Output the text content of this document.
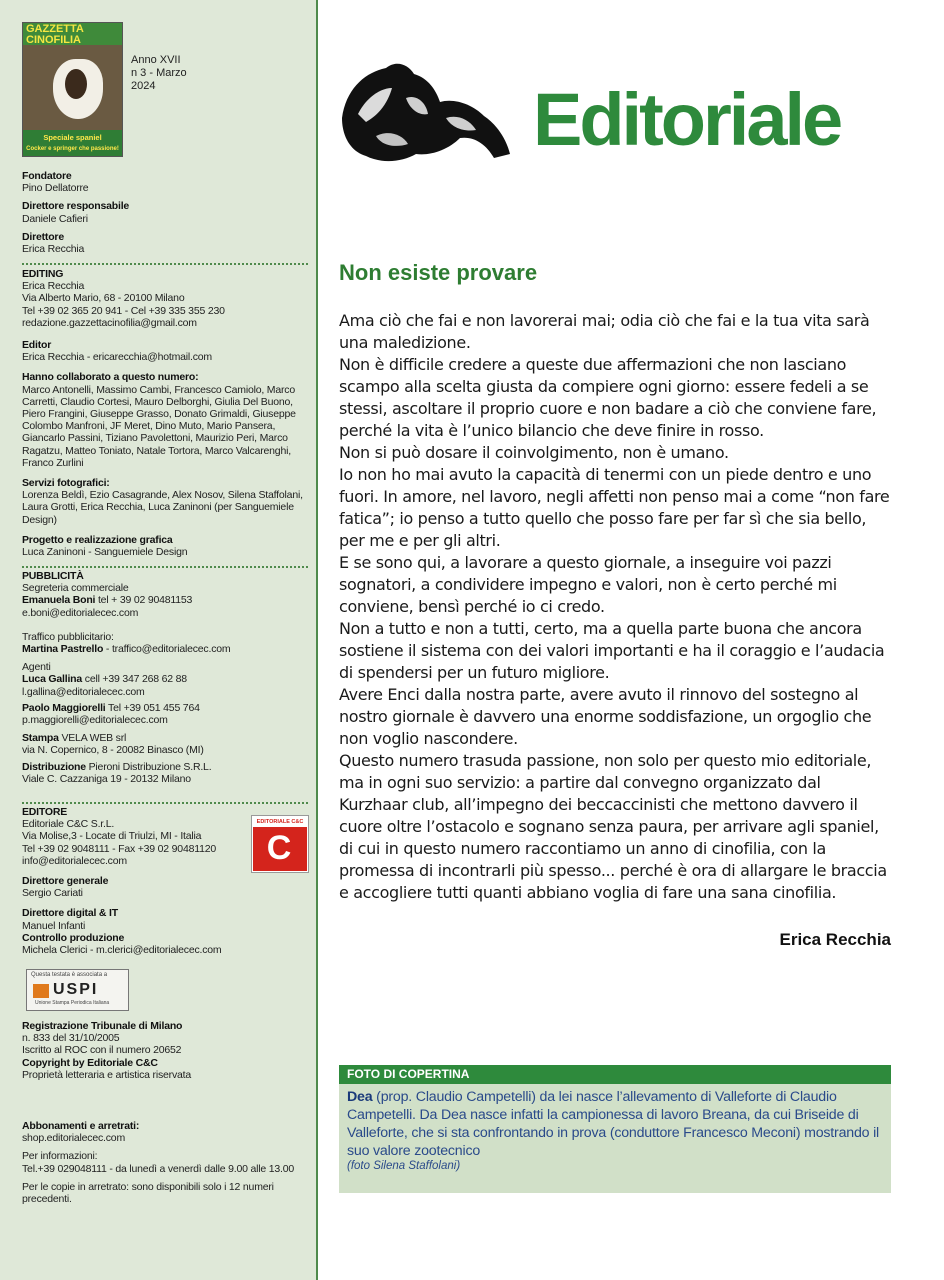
GAZZETTA
CINOFILIA
Speciale spaniel
Cocker e springer che passione!
Anno XVII
n 3 - Marzo
2024
Fondatore
Pino Dellatorre
Direttore responsabile
Daniele Cafieri
Direttore
Erica Recchia
EDITING
Erica Recchia
Via Alberto Mario, 68 - 20100 Milano
Tel +39 02 365 20 941 - Cel +39 335 355 230
redazione.gazzettacinofilia@gmail.com
Editor
Erica Recchia - ericarecchia@hotmail.com
Hanno collaborato a questo numero:
Marco Antonelli, Massimo Cambi, Francesco Camiolo, Marco Carretti, Claudio Cortesi, Mauro Delborghi, Giulia Del Buono, Piero Frangini, Giuseppe Grasso, Donato Grimaldi, Giuseppe Colombo Manfroni, JF Meret, Dino Muto, Mario Pansera, Giancarlo Passini, Tiziano Pavolettoni, Maurizio Peri, Marco Ragatzu, Matteo Toniato, Natale Tortora, Marco Valcarenghi, Franco Zurlini
Servizi fotografici:
Lorenza Beldì, Ezio Casagrande, Alex Nosov, Silena Staffolani, Laura Grotti, Erica Recchia, Luca Zaninoni (per Sanguemiele Design)
Progetto e realizzazione grafica
Luca Zaninoni - Sanguemiele Design
PUBBLICITÀ
Segreteria commerciale
Emanuela Boni tel + 39 02 90481153
e.boni@editorialecec.com
Traffico pubblicitario:
Martina Pastrello - traffico@editorialecec.com
Agenti
Luca Gallina cell +39 347 268 62 88
l.gallina@editorialecec.com
Paolo Maggiorelli Tel +39 051 455 764
p.maggiorelli@editorialecec.com
Stampa VELA WEB srl
via N. Copernico, 8 - 20082 Binasco (MI)
Distribuzione Pieroni Distribuzione S.R.L.
Viale C. Cazzaniga 19 - 20132 Milano
EDITORE
Editoriale C&C S.r.L.
Via Molise,3 - Locate di Triulzi, MI - Italia
Tel +39 02 9048111 - Fax +39 02 90481120
info@editorialecec.com
Direttore generale
Sergio Cariati
Direttore digital & IT
Manuel Infanti
Controllo produzione
Michela Clerici - m.clerici@editorialecec.com
EDITORIALE C&C
C
Questa testata è associata a
USPI
Unione Stampa Periodica Italiana
Registrazione Tribunale di Milano
n. 833 del 31/10/2005
Iscritto al ROC con il numero 20652
Copyright by Editoriale C&C
Proprietà letteraria e artistica riservata
Abbonamenti e arretrati:
shop.editorialecec.com
Per informazioni:
Tel.+39 029048111 - da lunedì a venerdì dalle 9.00 alle 13.00
Per le copie in arretrato: sono disponibili solo i 12 numeri precedenti.
Editoriale
Non esiste provare

Ama ciò che fai e non lavorerai mai; odia ciò che fai e la tua vita sarà una maledizione.

Non è difficile credere a queste due affermazioni che non lasciano scampo alla scelta giusta da compiere ogni giorno: essere fedeli a se stessi, ascoltare il proprio cuore e non badare a ciò che conviene fare, perché la vita è l’unico bilancio che deve finire in rosso.

Non si può dosare il coinvolgimento, non è umano.

Io non ho mai avuto la capacità di tenermi con un piede dentro e uno fuori. In amore, nel lavoro, negli affetti non penso mai a come “non fare fatica”; io penso a tutto quello che posso fare per far sì che sia bello, per me e per gli altri.

E se sono qui, a lavorare a questo giornale, a inseguire voi pazzi sognatori, a condividere impegno e valori, non è certo perché mi conviene, bensì perché io ci credo.

Non a tutto e non a tutti, certo, ma a quella parte buona che ancora sostiene il sistema con dei valori importanti e ha il coraggio e l’audacia di spendersi per un futuro migliore.

Avere Enci dalla nostra parte, avere avuto il rinnovo del sostegno al nostro giornale è davvero una enorme soddisfazione, un orgoglio che non voglio nascondere.

Questo numero trasuda passione, non solo per questo mio editoriale, ma in ogni suo servizio: a partire dal convegno organizzato dal Kurzhaar club, all’impegno dei beccaccinisti che mettono davvero il cuore oltre l’ostacolo e sognano senza paura, per arrivare agli spaniel, di cui in questo numero raccontiamo un anno di cinofilia, con la promessa di incontrarli più spesso... perché è ora di allargare le braccia e accogliere tutti quanti abbiano voglia di fare una sana cinofilia.

Erica Recchia
FOTO DI COPERTINA
Dea (prop. Claudio Campetelli) da lei nasce l’allevamento di Valleforte di Claudio Campetelli. Da Dea nasce infatti la campionessa di lavoro Breana, da cui Briseide di Valleforte, che si sta confrontando in prova (conduttore Francesco Meconi) mostrando il suo valore zootecnico
(foto Silena Staffolani)
